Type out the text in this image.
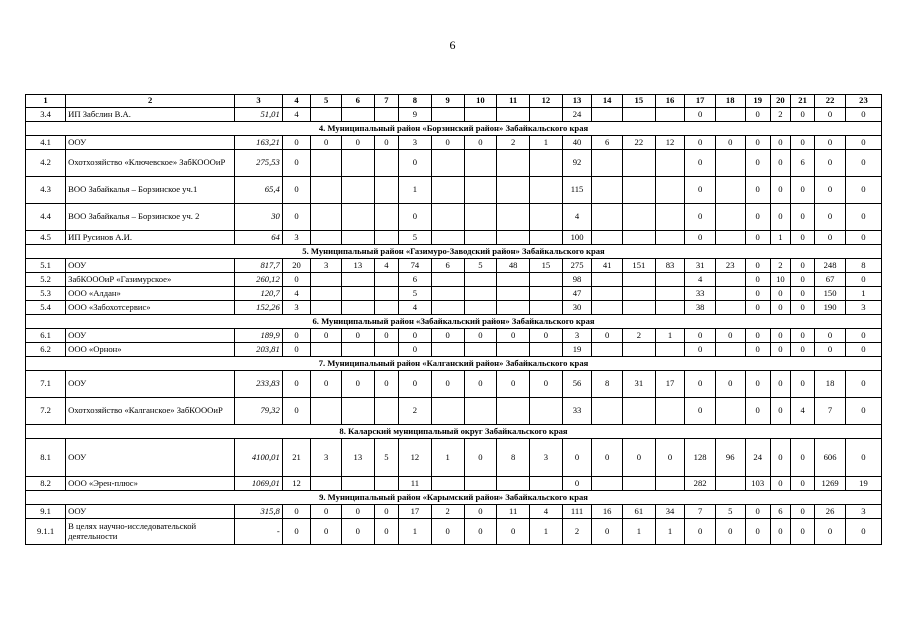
6
1	2	3	4	5	6	7	8	9	10	11	12	13	14	15	16	17	18	19	20	21	22	23
3.4	ИП Забслин В.А.	51,01	4				9					24				0		0	2	0	0	0
4. Муниципальный район «Борзинский район» Забайкальского края																						
4.1	ООУ	163,21	0	0	0	0	3	0	0	2	1	40	6	22	12	0	0	0	0	0	0	0
4.2	Охотхозяйство «Ключевское» ЗабКОООиР	275,53	0				0					92				0		0	0	6	0	0
4.3	ВОО Забайкалья – Борзинское уч.1	65,4	0				1					115				0		0	0	0	0	0
4.4	ВОО Забайкалья – Борзинское уч. 2	30	0				0					4				0		0	0	0	0	0
4.5	ИП Русинов А.И.	64	3				5					100				0		0	1	0	0	0
5. Муниципальный район «Газимуро-Заводский район» Забайкальского края																						
5.1	ООУ	817,7	20	3	13	4	74	6	5	48	15	275	41	151	83	31	23	0	2	0	248	8
5.2	ЗабКОООиР «Газимурское»	260,12	0				6					98				4		0	10	0	67	0
5.3	ООО «Алдан»	120,7	4				5					47				33		0	0	0	150	1
5.4	ООО «Забохотсервис»	152,26	3				4					30				38		0	0	0	190	3
6. Муниципальный район «Забайкальский район» Забайкальского края																						
6.1	ООУ	189,9	0	0	0	0	0	0	0	0	0	3	0	2	1	0	0	0	0	0	0	0
6.2	ООО «Орнон»	203,81	0				0					19				0		0	0	0	0	0
7. Муниципальный район «Калганский район» Забайкальского края																						
7.1	ООУ	233,83	0	0	0	0	0	0	0	0	0	56	8	31	17	0	0	0	0	0	18	0
7.2	Охотхозяйство «Калганское» ЗабКОООиР	79,32	0				2					33				0		0	0	4	7	0
8. Каларский муниципальный округ Забайкальского края																						
8.1	ООУ	4100,01	21	3	13	5	12	1	0	8	3	0	0	0	0	128	96	24	0	0	606	0
8.2	ООО «Эрен-плюс»	1069,01	12				11					0				282		103	0	0	1269	19
9. Муниципальный район «Карымский район» Забайкальского края																						
9.1	ООУ	315,8	0	0	0	0	17	2	0	11	4	111	16	61	34	7	5	0	6	0	26	3
9.1.1	В целях научно-исследовательской деятельности	-	0	0	0	0	1	0	0	0	1	2	0	1	1	0	0	0	0	0	0	0
